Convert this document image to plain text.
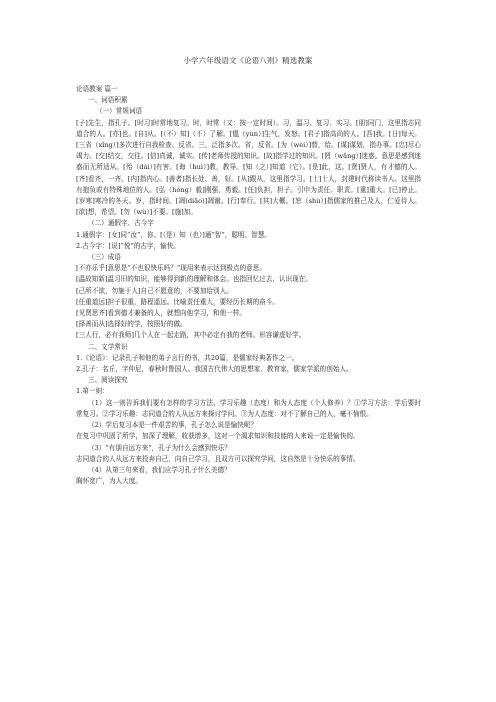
小学六年级语文《论语八则》精选教案

论语教案 篇一

一、词语积累

（一）常规词语

[子]先生，指孔子。[时习]时常地复习。时，时常（又：按一定时间）。习，温习、复习、实习。[朋]同门，这里指志同道合的人。[亦]也。[自]从。[（不）知]（不）了解。[愠（yùn）]生气，发怒。[君子]指高尚的人。[吾]我。[日]每天。[三省（xǐng）]多次进行自我检查、反省。三，泛指多次。省，反省。[为（wèi）]替，给。[谋]谋划，指办事。[忠]尽心竭力。[交]结交，交往。[信]真诚，诚实。[传]老师传授的知识。[故]指学过的知识。[罔（wǎng）]迷惑。意思是感到迷惑而无所适从。[殆（dài）]有害。[诲（huì）]教，教导。[知（之）]知道（它）。[是]此，这。[贤]贤人，有才德的人。[齐]看齐，一齐。[内]指内心。[善者]指长处、善，好。[从]跟从，这里指学习。[士]士人，封建时代称读书人。这里指有抱负或有特殊地位的人。[弘（hóng）毅]刚强，勇毅。[任]负担，担子。引申为责任、职责。[重]重大。[已]停止。[岁寒]寒冷的冬天。岁，指时间。[凋(diāo)]凋谢。[行]奉行。[其]大概。[恕（shù）]指儒家的推己及人，仁爱待人。[欲]想，希望。[勿（wù）]不要。[施]加。

（二）通假字、古今字

1.通假字：[女]同“汝”，你。[（是）知（也）]通“智”，聪明、智慧。

2.古今字：[说]“悦”的古字，愉快。

（三）成语

[不亦乐乎]意思是“不也很快乐吗？”现用来表示达到极点的意思。

[温故知新]温习旧的知识，能够得到新的理解和体会。也指回忆过去，认识现在。

[己所不欲，勿施于人]自己不愿意的，不要加给别人。

[任重道远]担子很重，路程遥远。比喻责任重大，要经历长期的奋斗。

[见贤思齐]看到德才兼备的人，就想向他学习，和他一样。

[择善而从]选择好的学，按照好的做。

[三人行，必有我师]几个人在一起走路，其中必定有我的老师。形容谦虚好学。

二、文学常识

1.《论语》：记录孔子和他的弟子言行的书，共20篇，是儒家经典著作之一。

2.孔子：名丘，字仲尼，春秋时鲁国人。我国古代伟大的思想家、教育家，儒家学派的创始人。

三、阅读探究

1.第一则：

（1）这一则告诉我们要有怎样的学习方法、学习乐趣（态度）和为人态度（个人修养）？①学习方法：学后要时常复习。②学习乐趣：志同道合的人从远方来探讨学问。③为人态度：对不了解自己的人，毫不恼恨。

（2）学后复习本是一件艰苦的事，孔子怎么说是愉快呢？

在复习中巩固了所学，加深了理解，收获增多，这对一个渴求知识和技能的人来说一定是愉快的。

（3）“有朋自远方来”，孔子为什么会感到快乐？

志同道合的人从远方来投奔自己，向自己学习，且双方可以探究学问，这自然是十分快乐的事情。

（4）从第三句来看，我们应学习孔子什么美德？

胸怀宽广，为人大度。
